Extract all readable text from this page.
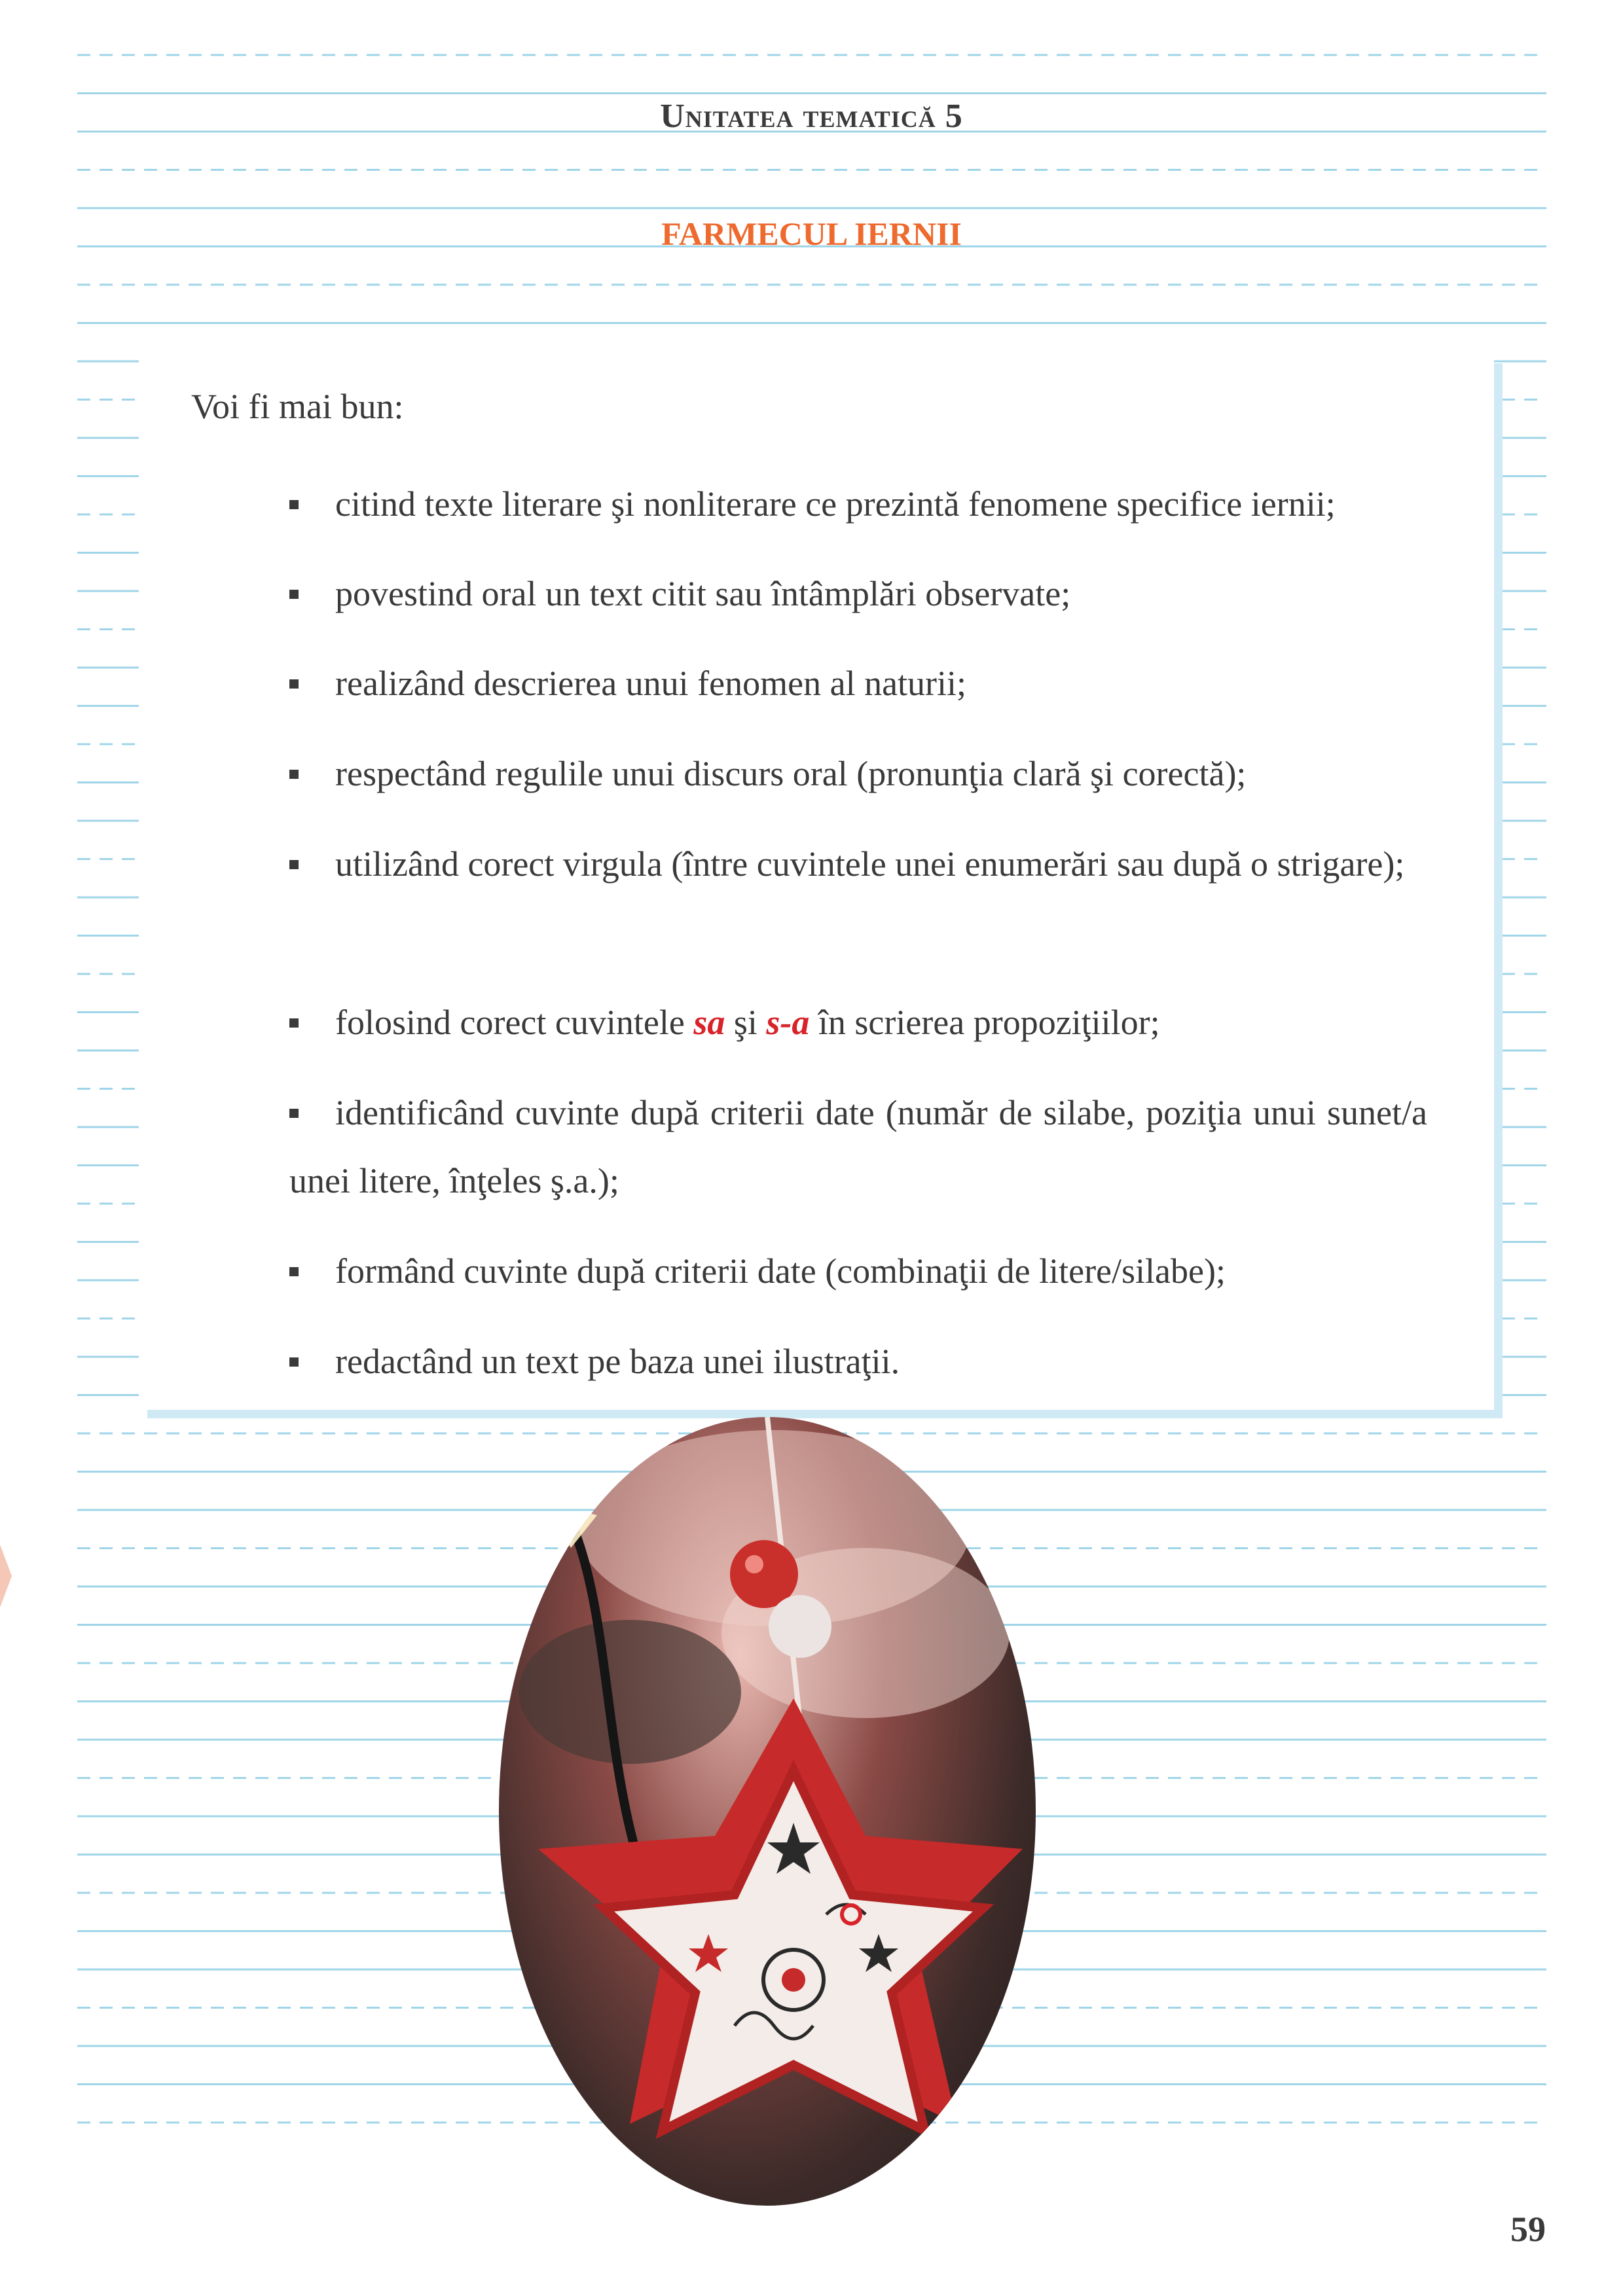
Unitatea tematică 5
FARMECUL IERNII
Voi fi mai bun:
citind texte literare şi nonliterare ce prezintă fenomene specifice iernii;
povestind oral un text citit sau întâmplări observate;
realizând descrierea unui fenomen al naturii;
respectând regulile unui discurs oral (pronunţia clară şi corectă);
utilizând corect virgula (între cuvintele unei enumerări sau după o strigare);
folosind corect cuvintele sa şi s-a în scrierea propoziţiilor;
identificând cuvinte după criterii date (număr de silabe, poziţia unui sunet/a unei litere, înţeles ş.a.);
formând cuvinte după criterii date (combinaţii de litere/silabe);
redactând un text pe baza unei ilustraţii.
59
